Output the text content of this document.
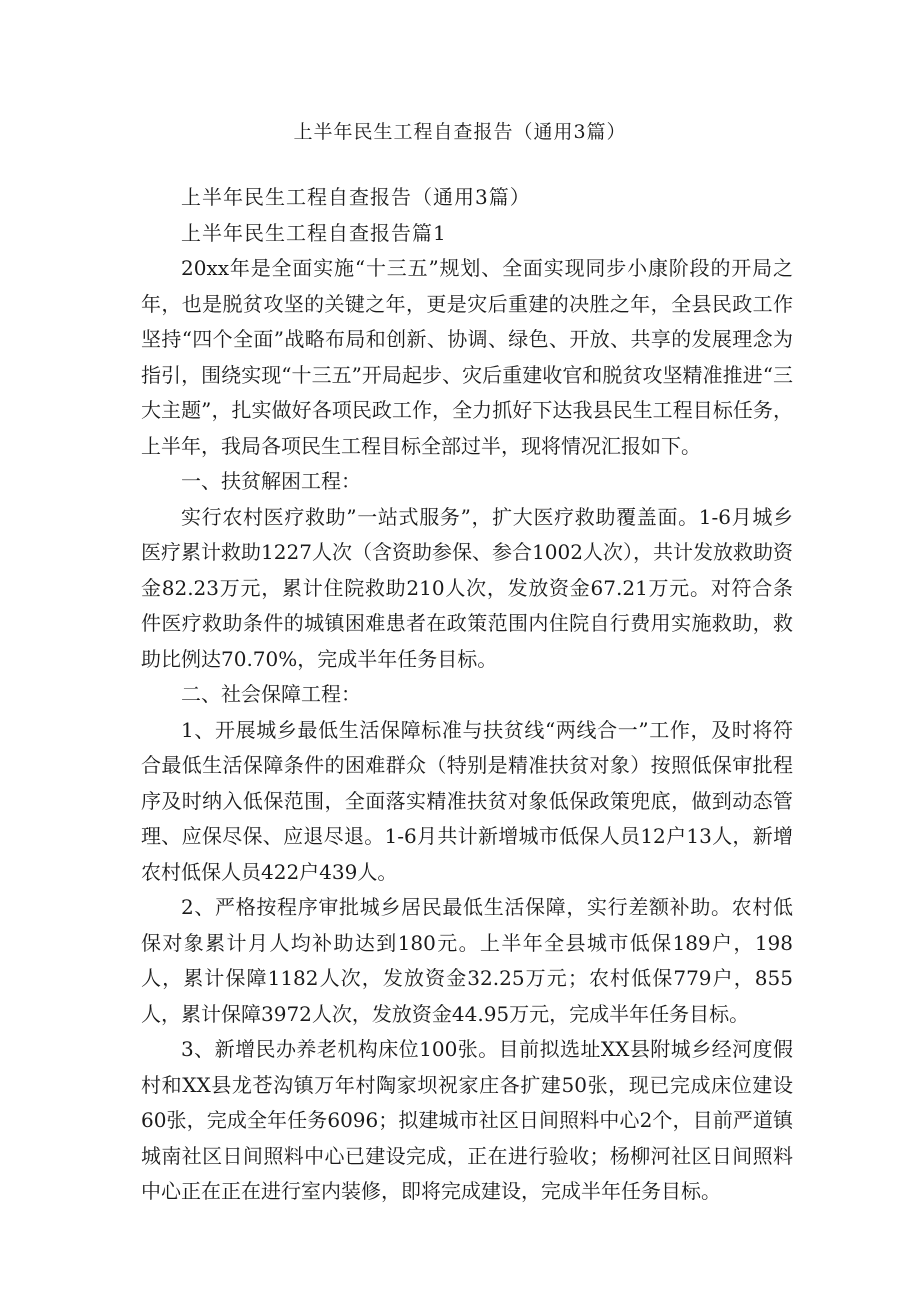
上半年民生工程自查报告（通用3篇）

上半年民生工程自查报告（通用3篇）

上半年民生工程自查报告篇1

20xx年是全面实施“十三五”规划、全面实现同步小康阶段的开局之年，也是脱贫攻坚的关键之年，更是灾后重建的决胜之年，全县民政工作坚持“四个全面”战略布局和创新、协调、绿色、开放、共享的发展理念为指引，围绕实现“十三五”开局起步、灾后重建收官和脱贫攻坚精准推进“三大主题”，扎实做好各项民政工作，全力抓好下达我县民生工程目标任务，上半年，我局各项民生工程目标全部过半，现将情况汇报如下。

一、扶贫解困工程：

实行农村医疗救助”一站式服务”，扩大医疗救助覆盖面。1-6月城乡医疗累计救助1227人次（含资助参保、参合1002人次），共计发放救助资金82.23万元，累计住院救助210人次，发放资金67.21万元。对符合条件医疗救助条件的城镇困难患者在政策范围内住院自行费用实施救助，救助比例达70.70%，完成半年任务目标。

二、社会保障工程：

1、开展城乡最低生活保障标准与扶贫线“两线合一”工作，及时将符合最低生活保障条件的困难群众（特别是精准扶贫对象）按照低保审批程序及时纳入低保范围，全面落实精准扶贫对象低保政策兜底，做到动态管理、应保尽保、应退尽退。1-6月共计新增城市低保人员12户13人，新增农村低保人员422户439人。

2、严格按程序审批城乡居民最低生活保障，实行差额补助。农村低保对象累计月人均补助达到180元。上半年全县城市低保189户，198人，累计保障1182人次，发放资金32.25万元；农村低保779户，855人，累计保障3972人次，发放资金44.95万元，完成半年任务目标。

3、新增民办养老机构床位100张。目前拟选址XX县附城乡经河度假村和XX县龙苍沟镇万年村陶家坝祝家庄各扩建50张，现已完成床位建设60张，完成全年任务6096；拟建城市社区日间照料中心2个，目前严道镇城南社区日间照料中心已建设完成，正在进行验收；杨柳河社区日间照料中心正在正在进行室内装修，即将完成建设，完成半年任务目标。
